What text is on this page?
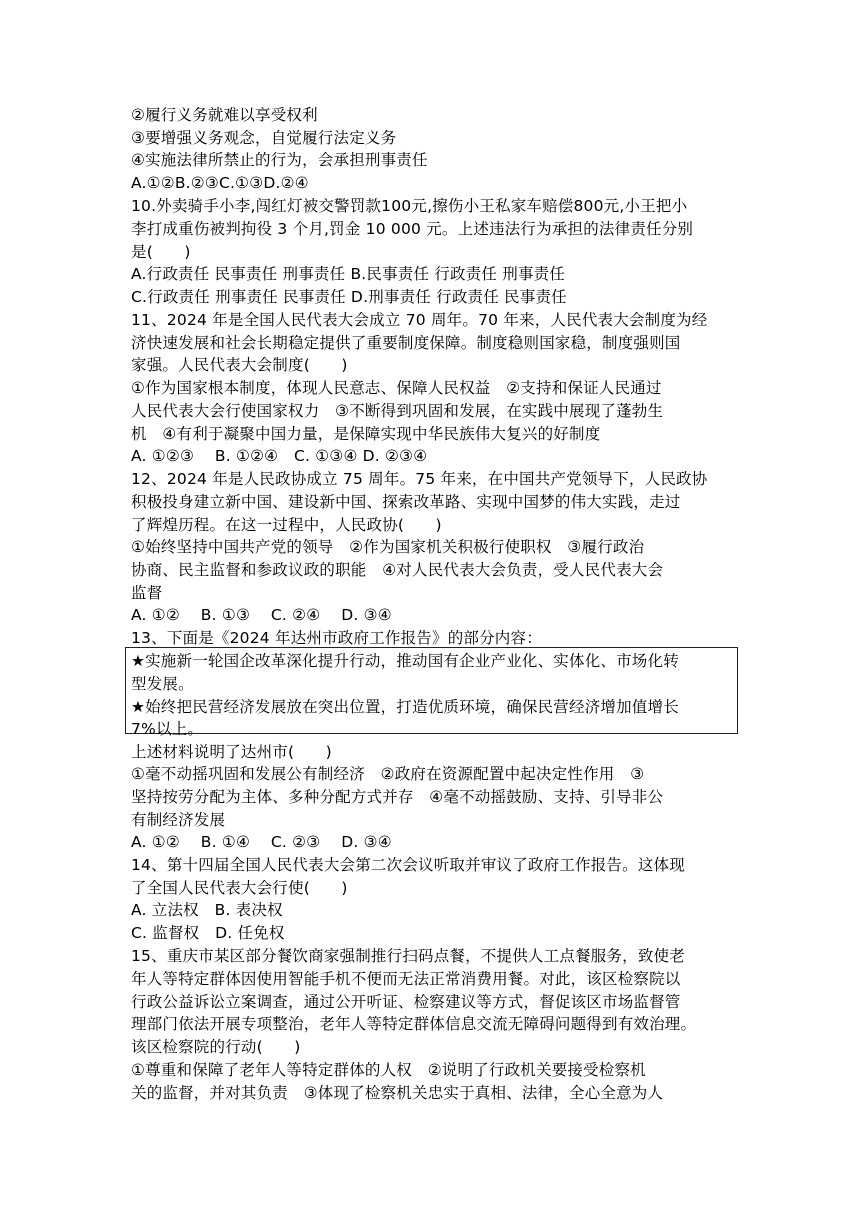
②履行义务就难以享受权利
③要增强义务观念，自觉履行法定义务
④实施法律所禁止的行为，会承担刑事责任
A.①②B.②③C.①③D.②④
10.外卖骑手小李,闯红灯被交警罚款100元,擦伤小王私家车赔偿800元,小王把小
李打成重伤被判拘役 3 个月,罚金 10 000 元。上述违法行为承担的法律责任分别
是(　　)
A.行政责任 民事责任 刑事责任 B.民事责任 行政责任 刑事责任
C.行政责任 刑事责任 民事责任 D.刑事责任 行政责任 民事责任
11、2024 年是全国人民代表大会成立 70 周年。70 年来，人民代表大会制度为经
济快速发展和社会长期稳定提供了重要制度保障。制度稳则国家稳，制度强则国
家强。人民代表大会制度(　　)
①作为国家根本制度，体现人民意志、保障人民权益　②支持和保证人民通过
人民代表大会行使国家权力　③不断得到巩固和发展，在实践中展现了蓬勃生
机　④有利于凝聚中国力量，是保障实现中华民族伟大复兴的好制度
A. ①②③　 B. ①②④　C. ①③④ D. ②③④
12、2024 年是人民政协成立 75 周年。75 年来，在中国共产党领导下，人民政协
积极投身建立新中国、建设新中国、探索改革路、实现中国梦的伟大实践，走过
了辉煌历程。在这一过程中，人民政协(　　)
①始终坚持中国共产党的领导　②作为国家机关积极行使职权　③履行政治
协商、民主监督和参政议政的职能　④对人民代表大会负责，受人民代表大会
监督
A. ①②　 B. ①③　 C. ②④　 D. ③④
13、下面是《2024 年达州市政府工作报告》的部分内容：
★实施新一轮国企改革深化提升行动，推动国有企业产业化、实体化、市场化转
型发展。
★始终把民营经济发展放在突出位置，打造优质环境，确保民营经济增加值增长
7%以上。
上述材料说明了达州市(　　)
①毫不动摇巩固和发展公有制经济　②政府在资源配置中起决定性作用　③
坚持按劳分配为主体、多种分配方式并存　④毫不动摇鼓励、支持、引导非公
有制经济发展
A. ①②　 B. ①④　 C. ②③　 D. ③④
14、第十四届全国人民代表大会第二次会议听取并审议了政府工作报告。这体现
了全国人民代表大会行使(　　)
A. 立法权　B. 表决权
C. 监督权　D. 任免权
15、重庆市某区部分餐饮商家强制推行扫码点餐，不提供人工点餐服务，致使老
年人等特定群体因使用智能手机不便而无法正常消费用餐。对此，该区检察院以
行政公益诉讼立案调查，通过公开听证、检察建议等方式，督促该区市场监督管
理部门依法开展专项整治，老年人等特定群体信息交流无障碍问题得到有效治理。
该区检察院的行动(　　)
①尊重和保障了老年人等特定群体的人权　②说明了行政机关要接受检察机
关的监督，并对其负责　③体现了检察机关忠实于真相、法律，全心全意为人
